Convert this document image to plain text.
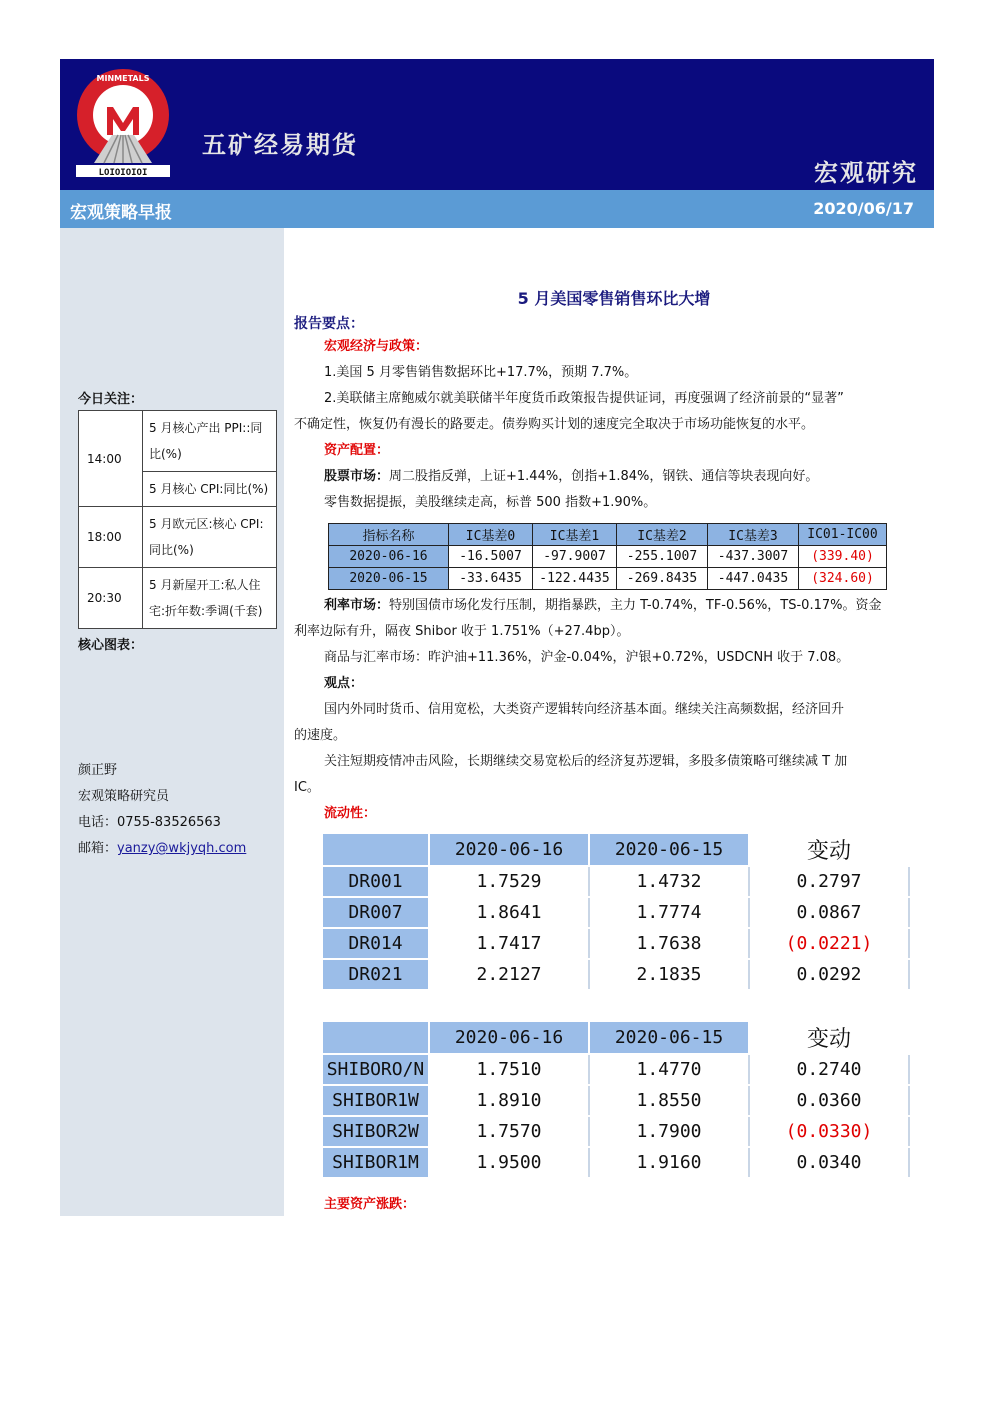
LOIOIOIOI
MINMETALS
五矿经易期货
宏观研究
宏观策略早报	2020/06/17
今日关注：
14:00	5 月核心产出 PPI::同比(%)
	5 月核心 CPI:同比(%)
18:00	5 月欧元区:核心 CPI:同比(%)
20:30	5 月新屋开工:私人住宅:折年数:季调(千套)
核心图表：
颜正野
宏观策略研究员
电话：0755-83526563
邮箱：yanzy@wkjyqh.com
5 月美国零售销售环比大增
报告要点：
宏观经济与政策：
1.美国 5 月零售销售数据环比+17.7%，预期 7.7%。
2.美联储主席鲍威尔就美联储半年度货币政策报告提供证词，再度强调了经济前景的“显著”
不确定性，恢复仍有漫长的路要走。债券购买计划的速度完全取决于市场功能恢复的水平。
资产配置：
股票市场：周二股指反弹，上证+1.44%，创指+1.84%，钢铁、通信等块表现向好。
零售数据提振，美股继续走高，标普 500 指数+1.90%。
指标名称	IC基差0	IC基差1	IC基差2	IC基差3	IC01-IC00
2020-06-16	-16.5007	-97.9007	-255.1007	-437.3007	(339.40)
2020-06-15	-33.6435	-122.4435	-269.8435	-447.0435	(324.60)
利率市场：特别国债市场化发行压制，期指暴跌，主力 T-0.74%，TF-0.56%，TS-0.17%。资金
利率边际有升，隔夜 Shibor 收于 1.751%（+27.4bp）。
商品与汇率市场：昨沪油+11.36%，沪金-0.04%，沪银+0.72%，USDCNH 收于 7.08。
观点：
国内外同时货币、信用宽松，大类资产逻辑转向经济基本面。继续关注高频数据，经济回升
的速度。
关注短期疫情冲击风险，长期继续交易宽松后的经济复苏逻辑，多股多债策略可继续减 T 加
IC。
流动性：
	2020-06-16	2020-06-15	变动
DR001	1.7529	1.4732	0.2797
DR007	1.8641	1.7774	0.0867
DR014	1.7417	1.7638	(0.0221)
DR021	2.2127	2.1835	0.0292
	2020-06-16	2020-06-15	变动
SHIBORO/N	1.7510	1.4770	0.2740
SHIBOR1W	1.8910	1.8550	0.0360
SHIBOR2W	1.7570	1.7900	(0.0330)
SHIBOR1M	1.9500	1.9160	0.0340
主要资产涨跌：
